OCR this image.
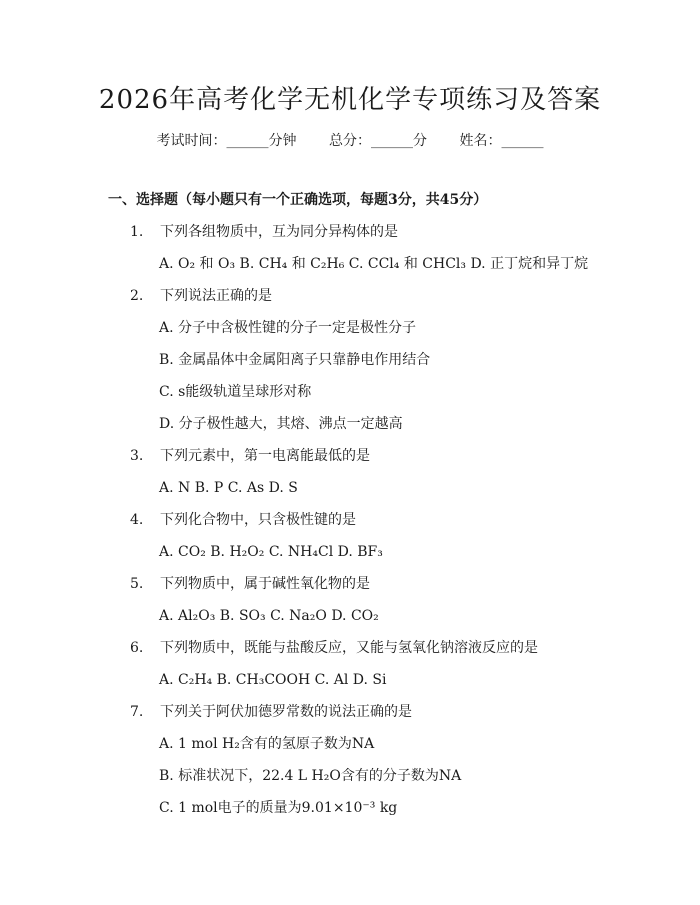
2026年高考化学无机化学专项练习及答案
考试时间：______分钟 总分：______分 姓名：______
一、选择题（每小题只有一个正确选项，每题3分，共45分）
1. 下列各组物质中，互为同分异构体的是
A. O₂ 和 O₃ B. CH₄ 和 C₂H₆ C. CCl₄ 和 CHCl₃ D. 正丁烷和异丁烷
2. 下列说法正确的是
A. 分子中含极性键的分子一定是极性分子
B. 金属晶体中金属阳离子只靠静电作用结合
C. s能级轨道呈球形对称
D. 分子极性越大，其熔、沸点一定越高
3. 下列元素中，第一电离能最低的是
A. N B. P C. As D. S
4. 下列化合物中，只含极性键的是
A. CO₂ B. H₂O₂ C. NH₄Cl D. BF₃
5. 下列物质中，属于碱性氧化物的是
A. Al₂O₃ B. SO₃ C. Na₂O D. CO₂
6. 下列物质中，既能与盐酸反应，又能与氢氧化钠溶液反应的是
A. C₂H₄ B. CH₃COOH C. Al D. Si
7. 下列关于阿伏加德罗常数的说法正确的是
A. 1 mol H₂含有的氢原子数为NA
B. 标准状况下，22.4 L H₂O含有的分子数为NA
C. 1 mol电子的质量为9.01×10⁻³ kg
